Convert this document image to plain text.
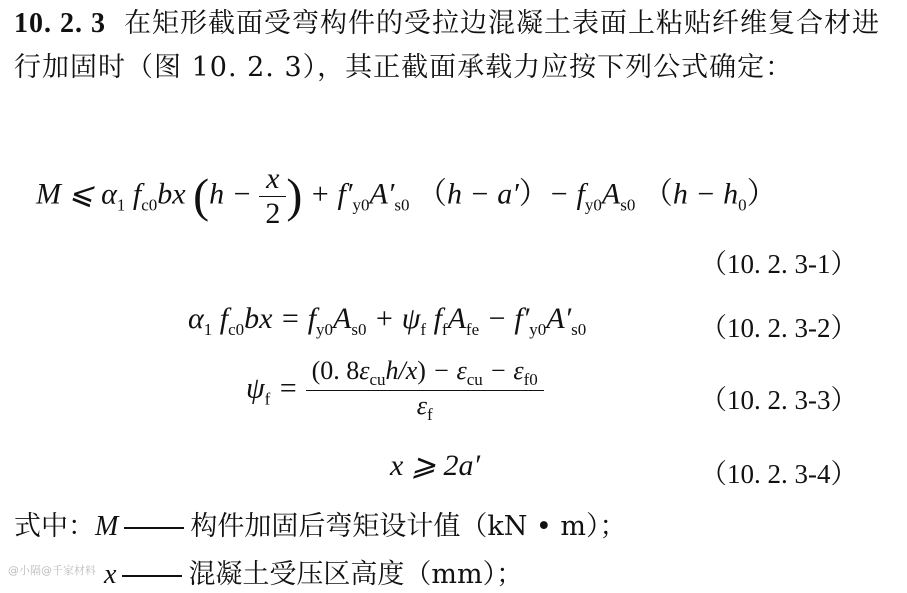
10. 2. 3 在矩形截面受弯构件的受拉边混凝土表面上粘贴纤维复合材进行加固时（图 10. 2. 3），其正截面承载力应按下列公式确定：
M ⩽ $\alpha_1$ $f_{c0}bx$ ($h - \frac{x}{2}$ ) + $f'_{y0}A'_{s0}$ $(h - a')- f_{y0}A_{s0}$ $(h - h_0)$
（10. 2. 3-1）
$\alpha_1$ $f_{c0}bx = f_{y0}A_{s0} + \psi_f$ $f_fA_{fe} - f'_{y0}A'_{s0}$	（10. 2. 3-2）
$\psi_f = \frac{(0. 8\varepsilon_{cu}h/x) - \varepsilon_{cu} - \varepsilon_{f0}}{\varepsilon_f}$	（10. 2. 3-3）
x ⩾ 2a′	（10. 2. 3-4）
式中：M	构件加固后弯矩设计值（kN • m）；
x	混凝土受压区高度（mm）；
@小隔@千家材料
